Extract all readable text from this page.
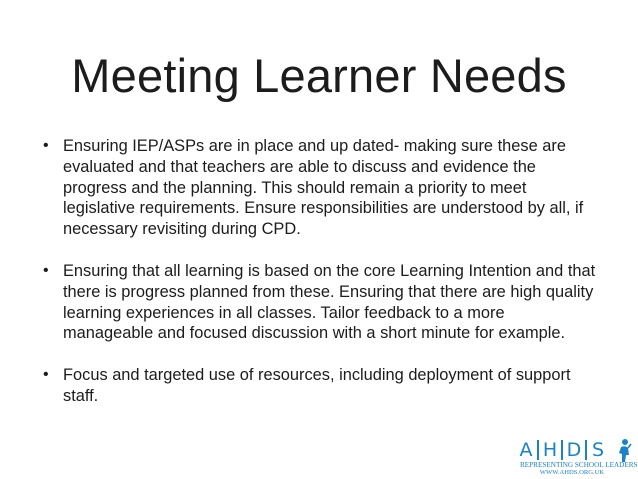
Meeting Learner Needs
• Ensuring IEP/ASPs are in place and up dated- making sure these are evaluated and that teachers are able to discuss and evidence the progress and the planning. This should remain a priority to meet legislative requirements. Ensure responsibilities are understood by all, if necessary revisiting during CPD.
• Ensuring that all learning is based on the core Learning Intention and that there is progress planned from these. Ensuring that there are high quality learning experiences in all classes. Tailor feedback to a more manageable and focused discussion with a short minute for example.
• Focus and targeted use of resources, including deployment of support staff.
A H D S
REPRESENTING SCHOOL LEADERS
WWW.AHDS.ORG.UK
